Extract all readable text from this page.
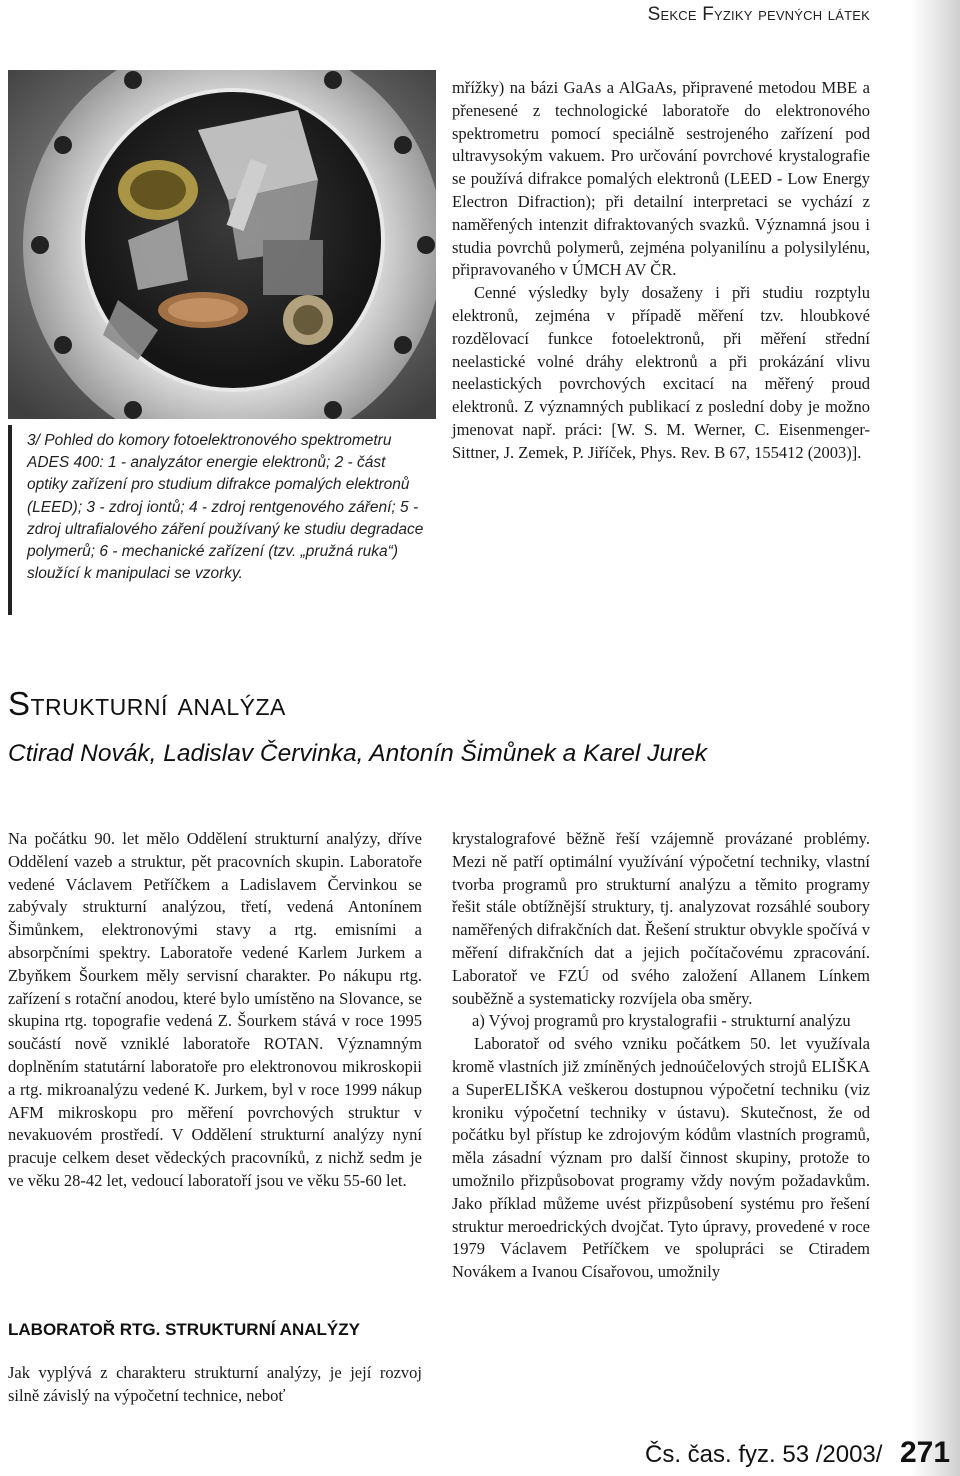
Sekce Fyziky pevných látek
3/ Pohled do komory fotoelektronového spektrometru ADES 400: 1 - analyzátor energie elektronů; 2 - část optiky zařízení pro studium difrakce pomalých elektronů (LEED); 3 - zdroj iontů; 4 - zdroj rentgenového záření; 5 - zdroj ultrafialového záření používaný ke studiu degradace polymerů; 6 - mechanické zařízení (tzv. „pružná ruka“) sloužící k manipulaci se vzorky.

mřížky) na bázi GaAs a AlGaAs, připravené metodou MBE a přenesené z technologické laboratoře do elektronového spektrometru pomocí speciálně sestrojeného zařízení pod ultravysokým vakuem. Pro určování povrchové krystalografie se používá difrakce pomalých elektronů (LEED - Low Energy Electron Difraction); při detailní interpretaci se vychází z naměřených intenzit difraktovaných svazků. Významná jsou i studia povrchů polymerů, zejména polyanilínu a polysilylénu, připravovaného v ÚMCH AV ČR.

Cenné výsledky byly dosaženy i při studiu rozptylu elektronů, zejména v případě měření tzv. hloubkové rozdělovací funkce fotoelektronů, při měření střední neelastické volné dráhy elektronů a při prokázání vlivu neelastických povrchových excitací na měřený proud elektronů. Z významných publikací z poslední doby je možno jmenovat např. práci: [W. S. M. Werner, C. Eisenmenger-Sittner, J. Zemek, P. Jiříček, Phys. Rev. B 67, 155412 (2003)].

Strukturní analýza
Ctirad Novák, Ladislav Červinka, Antonín Šimůnek a Karel Jurek

Na počátku 90. let mělo Oddělení strukturní analýzy, dříve Oddělení vazeb a struktur, pět pracovních skupin. Laboratoře vedené Václavem Petříčkem a Ladislavem Červinkou se zabývaly strukturní analýzou, třetí, vedená Antonínem Šimůnkem, elektronovými stavy a rtg. emisními a absorpčními spektry. Laboratoře vedené Karlem Jurkem a Zbyňkem Šourkem měly servisní charakter. Po nákupu rtg. zařízení s rotační anodou, které bylo umístěno na Slovance, se skupina rtg. topografie vedená Z. Šourkem stává v roce 1995 součástí nově vzniklé laboratoře ROTAN. Významným doplněním statutární laboratoře pro elektronovou mikroskopii a rtg. mikroanalýzu vedené K. Jurkem, byl v roce 1999 nákup AFM mikroskopu pro měření povrchových struktur v nevakuovém prostředí. V Oddělení strukturní analýzy nyní pracuje celkem deset vědeckých pracovníků, z nichž sedm je ve věku 28-42 let, vedoucí laboratoří jsou ve věku 55-60 let.

LABORATOŘ RTG. STRUKTURNÍ ANALÝZY

Jak vyplývá z charakteru strukturní analýzy, je její rozvoj silně závislý na výpočetní technice, neboť

krystalografové běžně řeší vzájemně provázané problémy. Mezi ně patří optimální využívání výpočetní techniky, vlastní tvorba programů pro strukturní analýzu a těmito programy řešit stále obtížnější struktury, tj. analyzovat rozsáhlé soubory naměřených difrakčních dat. Řešení struktur obvykle spočívá v měření difrakčních dat a jejich počítačovému zpracování. Laboratoř ve FZÚ od svého založení Allanem Línkem souběžně a systematicky rozvíjela oba směry.

a) Vývoj programů pro krystalografii - strukturní analýzu

Laboratoř od svého vzniku počátkem 50. let využívala kromě vlastních již zmíněných jednoúčelových strojů ELIŠKA a SuperELIŠKA veškerou dostupnou výpočetní techniku (viz kroniku výpočetní techniky v ústavu). Skutečnost, že od počátku byl přístup ke zdrojovým kódům vlastních programů, měla zásadní význam pro další činnost skupiny, protože to umožnilo přizpůsobovat programy vždy novým požadavkům. Jako příklad můžeme uvést přizpůsobení systému pro řešení struktur meroedrických dvojčat. Tyto úpravy, provedené v roce 1979 Václavem Petříčkem ve spolupráci se Ctiradem Novákem a Ivanou Císařovou, umožnily

Čs. čas. fyz. 53 /2003/ 271
